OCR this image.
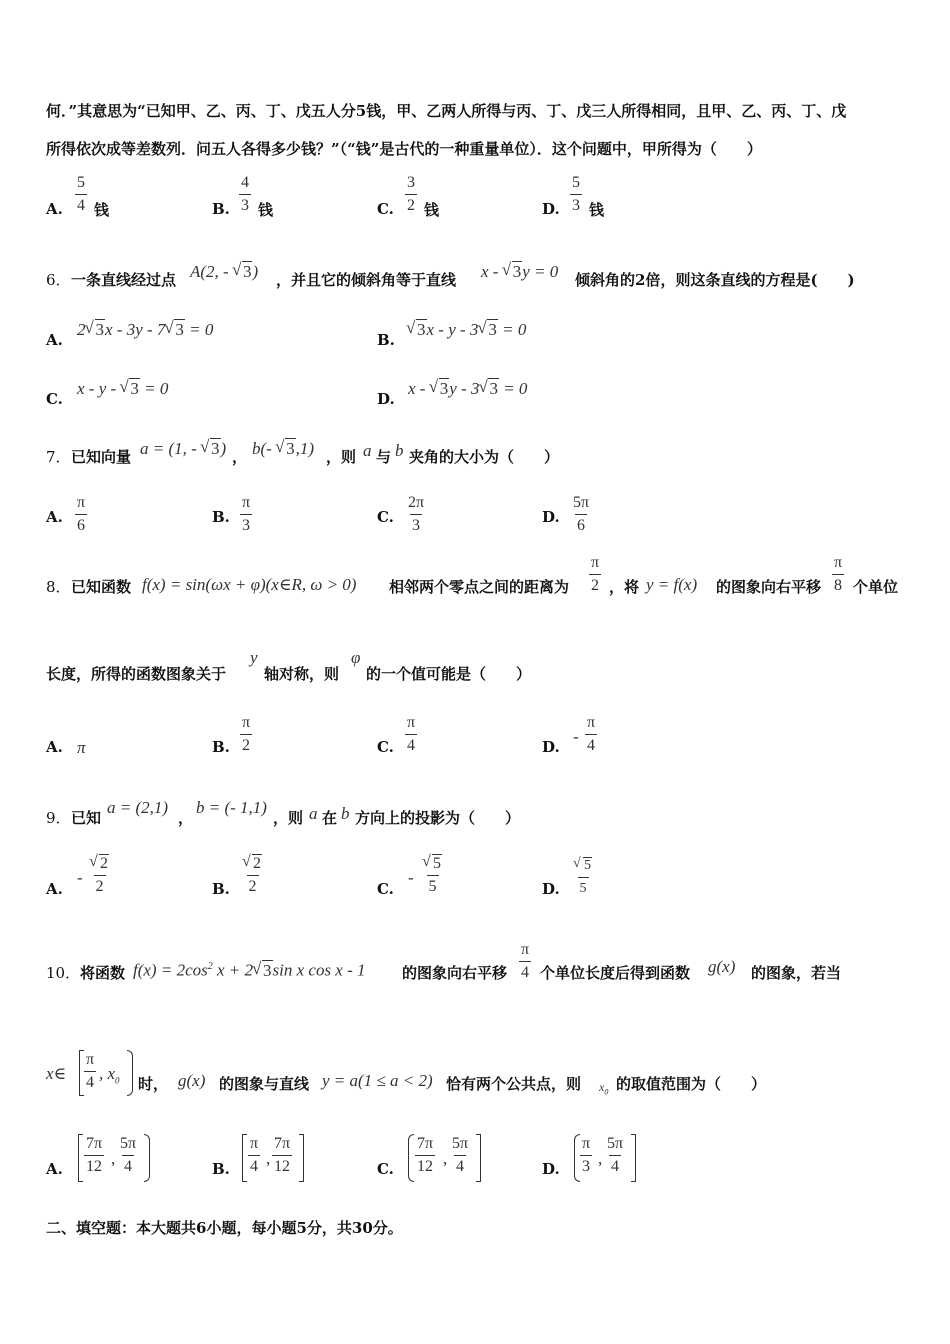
何．”其意思为“已知甲、乙、丙、丁、戊五人分5钱，甲、乙两人所得与丙、丁、戊三人所得相同，且甲、乙、丙、丁、戊
所得依次成等差数列．问五人各得多少钱？”（“钱”是古代的一种重量单位）．这个问题中，甲所得为（　　）
A. $\frac{5}{4}$ 钱	B. $\frac{4}{3}$ 钱	C. $\frac{3}{2}$ 钱	D. $\frac{5}{3}$ 钱
6． 一条直线经过点 A(2, - √ 3) ，并且它的倾斜角等于直线 x - √ 3y = 0 倾斜角的2倍，则这条直线的方程是(　　)
A.
2 √ 3x - 3y - 7 √ 3 = 0
B.
√ 3x - y - 3 √ 3 = 0
C.
x - y - √ 3 = 0
D.
x - √ 3y - 3 √ 3 = 0
7． 已知向量 a = (1, - √ 3) ， b(- √ 3,1) ，则 a 与 b 夹角的大小为（　　）
A. $\frac{\pi}{6}$	B. $\frac{\pi}{3}$	C. $\frac{2\pi}{3}$	D. $\frac{5\pi}{6}$
8． 已知函数 f(x) = sin(ωx + φ)(x∈R, ω > 0) 相邻两个零点之间的距离为 $\frac{\pi}{2}$ ，将 y = f(x) 的图象向右平移 $\frac{\pi}{8}$ 个单位
长度，所得的函数图象关于
y
轴对称，则
φ
的一个值可能是（　　）
A. π	B. $\frac{\pi}{2}$	C. $\frac{\pi}{4}$	D.
- $\frac{\pi}{4}$
9． 已知
a = (2,1)
，
b = (- 1,1)
，则 a 在 b 方向上的投影为（　　）
A.
- √ $\frac{2}{2}$	B. √ $\frac{2}{2}$	C.
- √ $\frac{5}{5}$	D. √ $\frac{5}{5}$
10． 将函数 $f(x) = 2\cos^2$ x + 2 √ 3sin x cos x - 1 的图象向右平移 $\frac{\pi}{4}$ 个单位长度后得到函数 g(x) 的图象，若当
x∈ $\frac{\pi}{4}$ , $x_0$ 时， g(x) 的图象与直线 y = a(1 ≤ a < 2) 恰有两个公共点，则 $x_0$ 的取值范围为（　　）
A. $\frac{7\pi}{12}$ , $\frac{5\pi}{4}$	B. $\frac{\pi}{4}$ , $\frac{7\pi}{12}$	C. $\frac{7\pi}{12}$ , $\frac{5\pi}{4}$	D. $\frac{\pi}{3}$ , $\frac{5\pi}{4}$
二、填空题：本大题共6小题，每小题5分，共30分。
